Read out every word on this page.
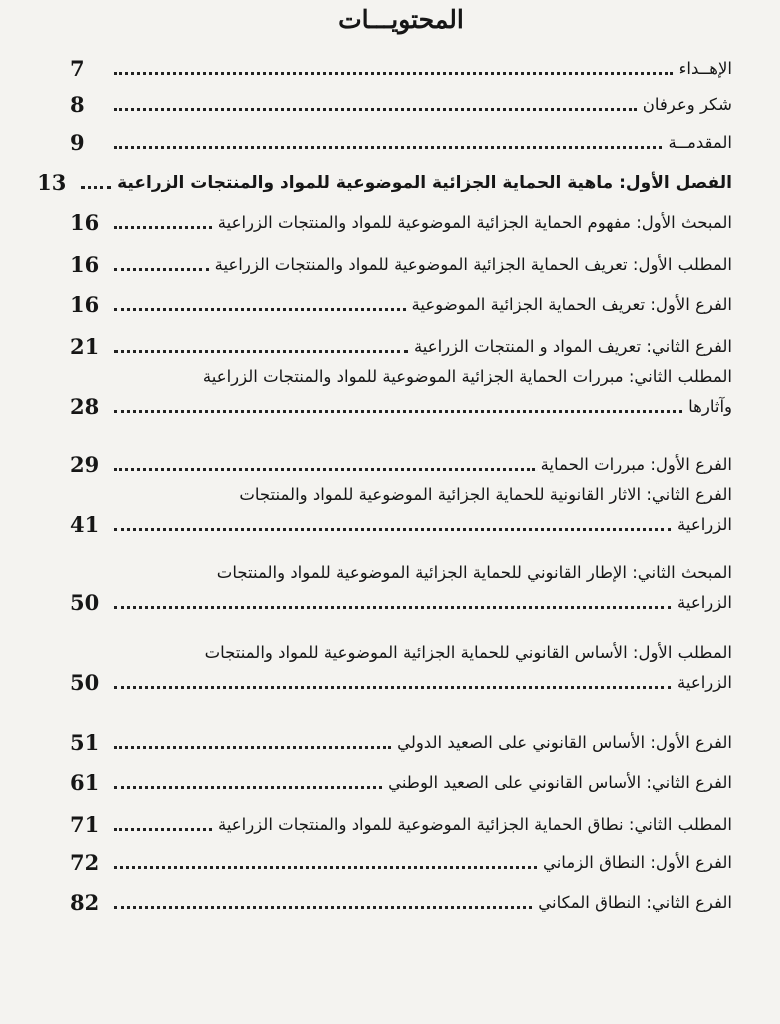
المحتويـــات
الإهــداء
7
شكر وعرفان
8
المقدمــة
9
الفصل الأول: ماهية الحماية الجزائية الموضوعية للمواد والمنتجات الزراعية
13
المبحث الأول: مفهوم الحماية الجزائية الموضوعية للمواد والمنتجات الزراعية
16
المطلب الأول: تعريف الحماية الجزائية الموضوعية للمواد والمنتجات الزراعية
16
الفرع الأول: تعريف الحماية الجزائية الموضوعية
16
الفرع الثاني: تعريف المواد و المنتجات الزراعية
21
المطلب الثاني: مبررات الحماية الجزائية الموضوعية للمواد والمنتجات الزراعية
وآثارها
28
الفرع الأول: مبررات الحماية
29
الفرع الثاني: الاثار القانونية للحماية الجزائية الموضوعية للمواد والمنتجات
الزراعية
41
المبحث الثاني: الإطار القانوني للحماية الجزائية الموضوعية للمواد والمنتجات
الزراعية
50
المطلب الأول: الأساس القانوني للحماية الجزائية الموضوعية للمواد والمنتجات
الزراعية
50
الفرع الأول: الأساس القانوني على الصعيد الدولي
51
الفرع الثاني: الأساس القانوني على الصعيد الوطني
61
المطلب الثاني: نطاق الحماية الجزائية الموضوعية للمواد والمنتجات الزراعية
71
الفرع الأول: النطاق الزماني
72
الفرع الثاني: النطاق المكاني
82
